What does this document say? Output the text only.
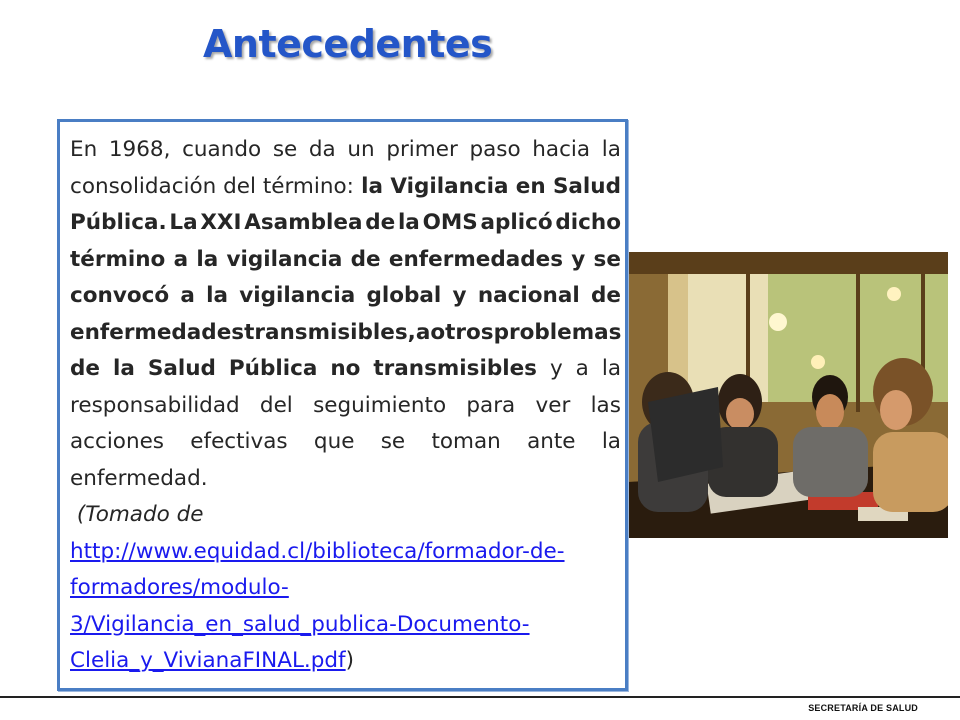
Antecedentes
En 1968, cuando se da un primer paso hacia la
consolidación del término: la Vigilancia en Salud
Pública. La XXI Asamblea de la OMS aplicó dicho
término a la vigilancia de enfermedades y se
convocó a la vigilancia global y nacional de
enfermedades transmisibles, a otros problemas
de la Salud Pública no transmisibles y a la
responsabilidad del seguimiento para ver las
acciones efectivas que se toman ante la
enfermedad.
(Tomado de
http://www.equidad.cl/biblioteca/formador-de-
formadores/modulo-
3/Vigilancia_en_salud_publica-Documento-
Clelia_y_VivianaFINAL.pdf )
SECRETARÍA DE SALUD
